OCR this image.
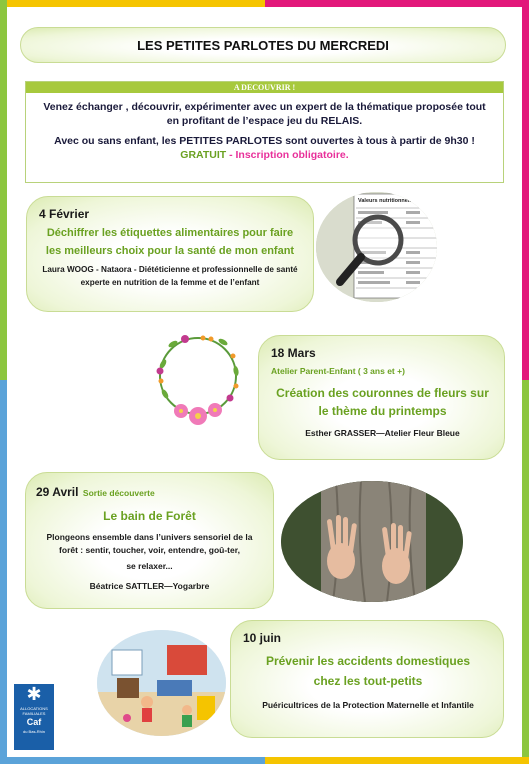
LES PETITES PARLOTES DU MERCREDI
A DECOUVRIR !
Venez échanger , découvrir, expérimenter avec un expert de la thématique proposée tout en profitant de l’espace jeu du RELAIS.
Avec ou sans enfant, les PETITES PARLOTES sont ouvertes à tous à partir de 9h30 ! GRATUIT - Inscription obligatoire.
4 Février
Déchiffrer les étiquettes alimentaires pour faire les meilleurs choix pour la santé de mon enfant
Laura WOOG - Nataora - Diététicienne et professionnelle de santé experte en nutrition de la femme et de l’enfant
Valeurs nutritionnelles
18 Mars
Atelier Parent-Enfant ( 3 ans et +)
Création des couronnes de fleurs sur le thème du printemps
Esther GRASSER—Atelier Fleur Bleue
29 Avril Sortie découverte
Le bain de Forêt
Plongeons ensemble dans l’univers sensoriel de la forêt : sentir, toucher, voir, entendre, goû-ter,
se relaxer...
Béatrice SATTLER—Yogarbre
10 juin
Prévenir les accidents domestiques chez les tout-petits
Puéricultrices de la Protection Maternelle et Infantile
✱
ALLOCATIONS
FAMILIALES
Caf
du Bas-Rhin
